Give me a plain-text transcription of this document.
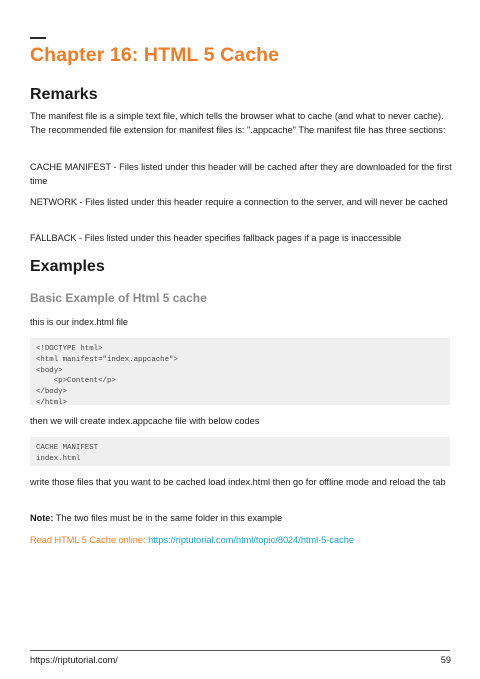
Chapter 16: HTML 5 Cache
Remarks

The manifest file is a simple text file, which tells the browser what to cache (and what to never cache). The recommended file extension for manifest files is: ".appcache" The manifest file has three sections:

CACHE MANIFEST - Files listed under this header will be cached after they are downloaded for the first time

NETWORK - Files listed under this header require a connection to the server, and will never be cached

FALLBACK - Files listed under this header specifies fallback pages if a page is inaccessible

Examples
Basic Example of Html 5 cache

this is our index.html file

<!DOCTYPE html>
<html manifest="index.appcache">
<body>
<p>Content</p>
</body>
</html>

then we will create index.appcache file with below codes

CACHE MANIFEST
index.html

write those files that you want to be cached load index.html then go for offline mode and reload the tab

Note: The two files must be in the same folder in this example

Read HTML 5 Cache online: https://riptutorial.com/html/topic/8024/html-5-cache

https://riptutorial.com/	59
